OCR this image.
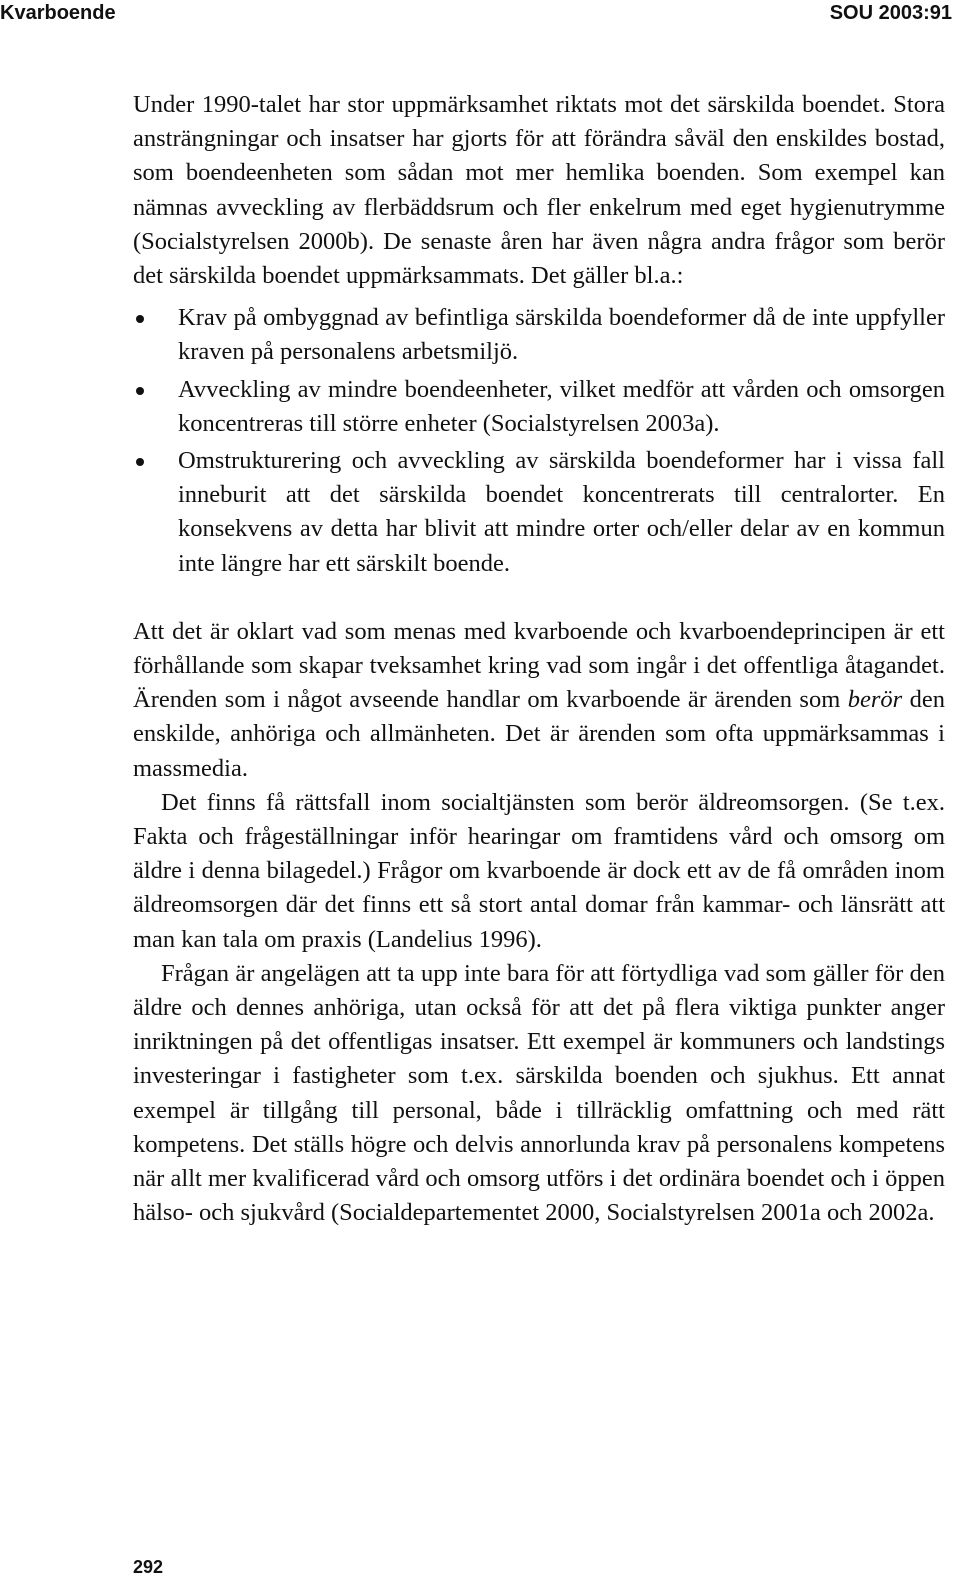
Kvarboende	SOU 2003:91

Under 1990-talet har stor uppmärksamhet riktats mot det särskilda boendet. Stora ansträngningar och insatser har gjorts för att förändra såväl den enskildes bostad, som boendeenheten som sådan mot mer hemlika boenden. Som exempel kan nämnas avveckling av flerbäddsrum och fler enkelrum med eget hygienutrymme (Socialstyrelsen 2000b). De senaste åren har även några andra frågor som berör det särskilda boendet uppmärksammats. Det gäller bl.a.:

Krav på ombyggnad av befintliga särskilda boendeformer då de inte uppfyller kraven på personalens arbetsmiljö.
Avveckling av mindre boendeenheter, vilket medför att vården och omsorgen koncentreras till större enheter (Socialstyrelsen 2003a).
Omstrukturering och avveckling av särskilda boendeformer har i vissa fall inneburit att det särskilda boendet koncentrerats till centralorter. En konsekvens av detta har blivit att mindre orter och/eller delar av en kommun inte längre har ett särskilt boende.

Att det är oklart vad som menas med kvarboende och kvarboendeprincipen är ett förhållande som skapar tveksamhet kring vad som ingår i det offentliga åtagandet. Ärenden som i något avseende handlar om kvarboende är ärenden som berör den enskilde, anhöriga och allmänheten. Det är ärenden som ofta uppmärksammas i massmedia.

Det finns få rättsfall inom socialtjänsten som berör äldreomsorgen. (Se t.ex. Fakta och frågeställningar inför hearingar om framtidens vård och omsorg om äldre i denna bilagedel.) Frågor om kvarboende är dock ett av de få områden inom äldreomsorgen där det finns ett så stort antal domar från kammar- och länsrätt att man kan tala om praxis (Landelius 1996).

Frågan är angelägen att ta upp inte bara för att förtydliga vad som gäller för den äldre och dennes anhöriga, utan också för att det på flera viktiga punkter anger inriktningen på det offentligas insatser. Ett exempel är kommuners och landstings investeringar i fastigheter som t.ex. särskilda boenden och sjukhus. Ett annat exempel är tillgång till personal, både i tillräcklig omfattning och med rätt kompetens. Det ställs högre och delvis annorlunda krav på personalens kompetens när allt mer kvalificerad vård och omsorg utförs i det ordinära boendet och i öppen hälso- och sjukvård (Socialdepartementet 2000, Socialstyrelsen 2001a och 2002a.

292
